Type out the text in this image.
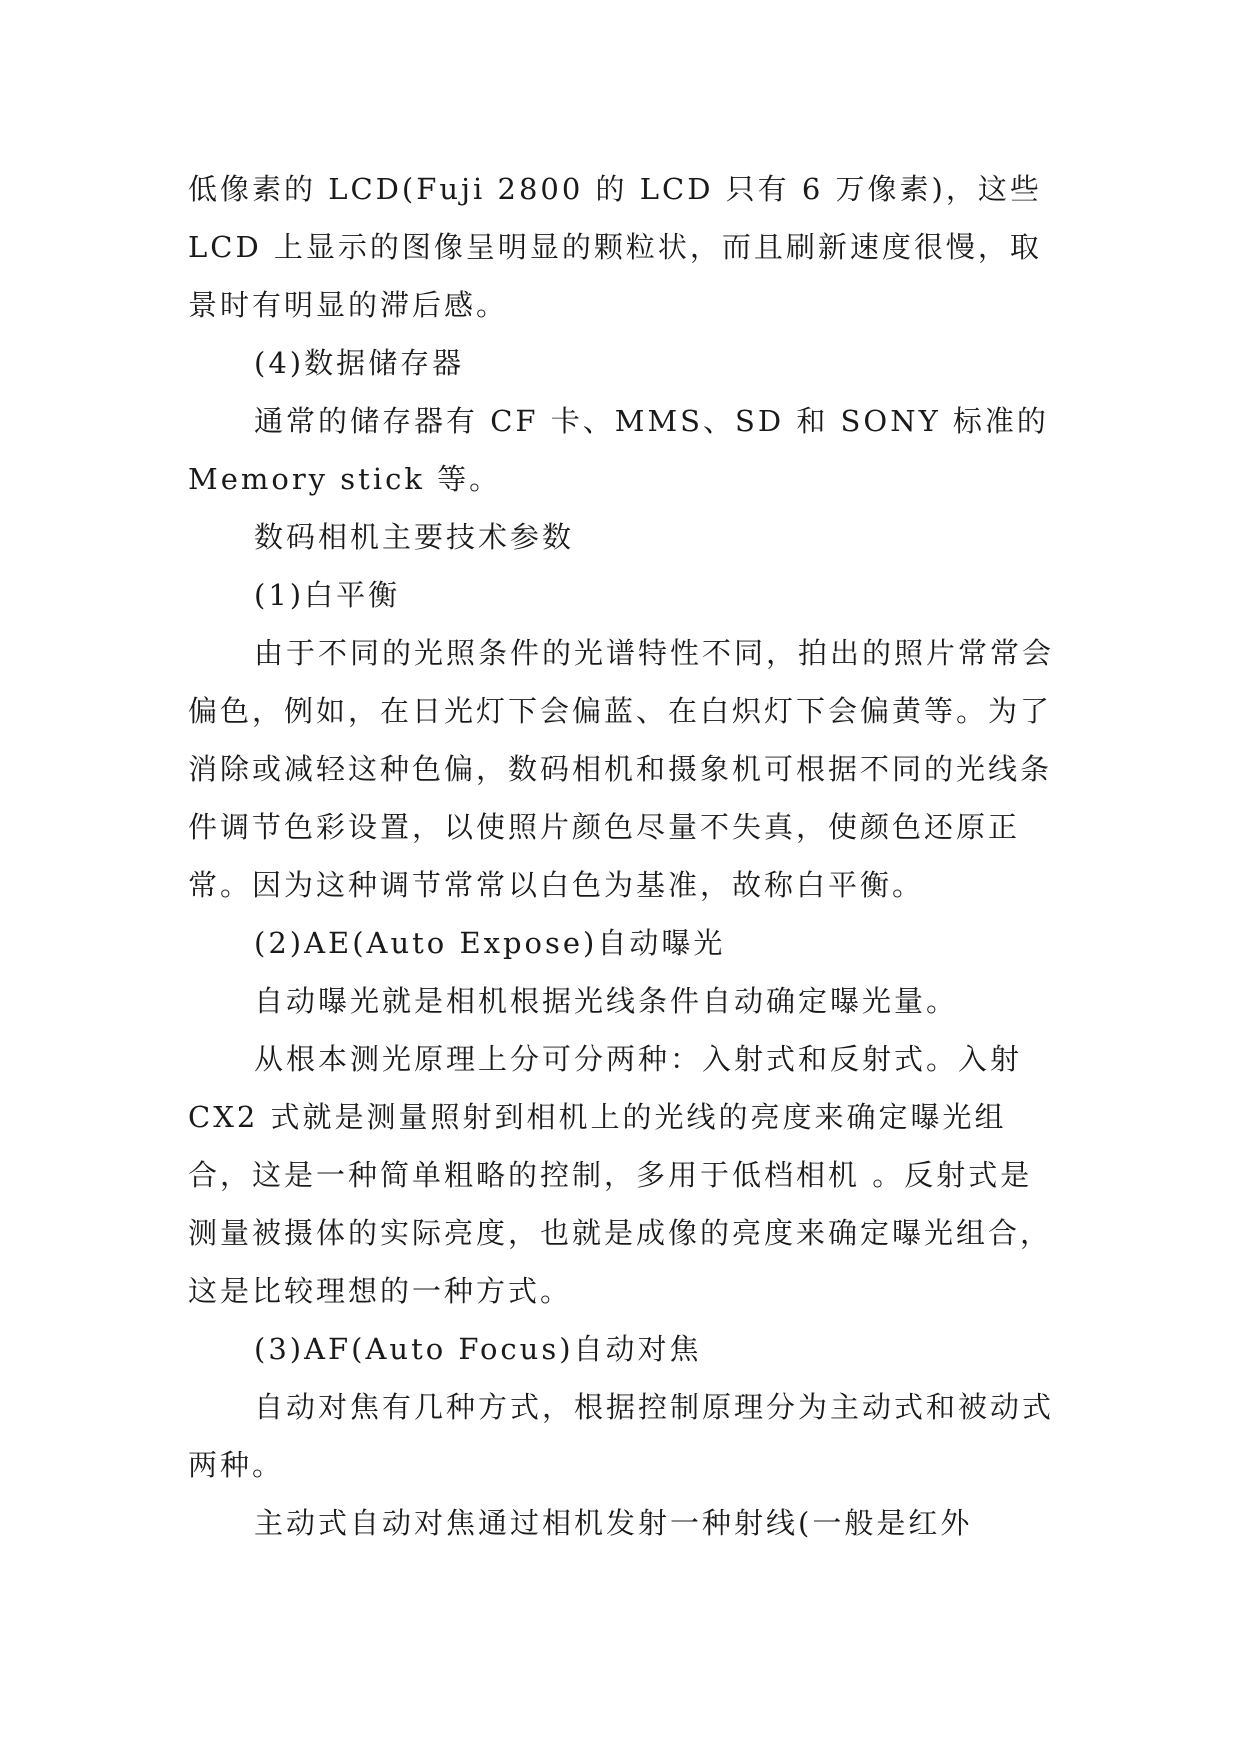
低像素的 LCD(Fuji 2800 的 LCD 只有 6 万像素)，这些 LCD 上显示的图像呈明显的颗粒状，而且刷新速度很慢，取景时有明显的滞后感。

(4)数据储存器

通常的储存器有 CF 卡、MMS、SD 和 SONY 标准的 Memory stick 等。

数码相机主要技术参数

(1)白平衡

由于不同的光照条件的光谱特性不同，拍出的照片常常会偏色，例如，在日光灯下会偏蓝、在白炽灯下会偏黄等。为了消除或减轻这种色偏，数码相机和摄象机可根据不同的光线条件调节色彩设置，以使照片颜色尽量不失真，使颜色还原正常。因为这种调节常常以白色为基准，故称白平衡。

(2)AE(Auto Expose)自动曝光

自动曝光就是相机根据光线条件自动确定曝光量。

从根本测光原理上分可分两种：入射式和反射式。入射 CX2 式就是测量照射到相机上的光线的亮度来确定曝光组合，这是一种简单粗略的控制，多用于低档相机 。反射式是测量被摄体的实际亮度，也就是成像的亮度来确定曝光组合，这是比较理想的一种方式。

(3)AF(Auto Focus)自动对焦

自动对焦有几种方式，根据控制原理分为主动式和被动式两种。

主动式自动对焦通过相机发射一种射线(一般是红外
